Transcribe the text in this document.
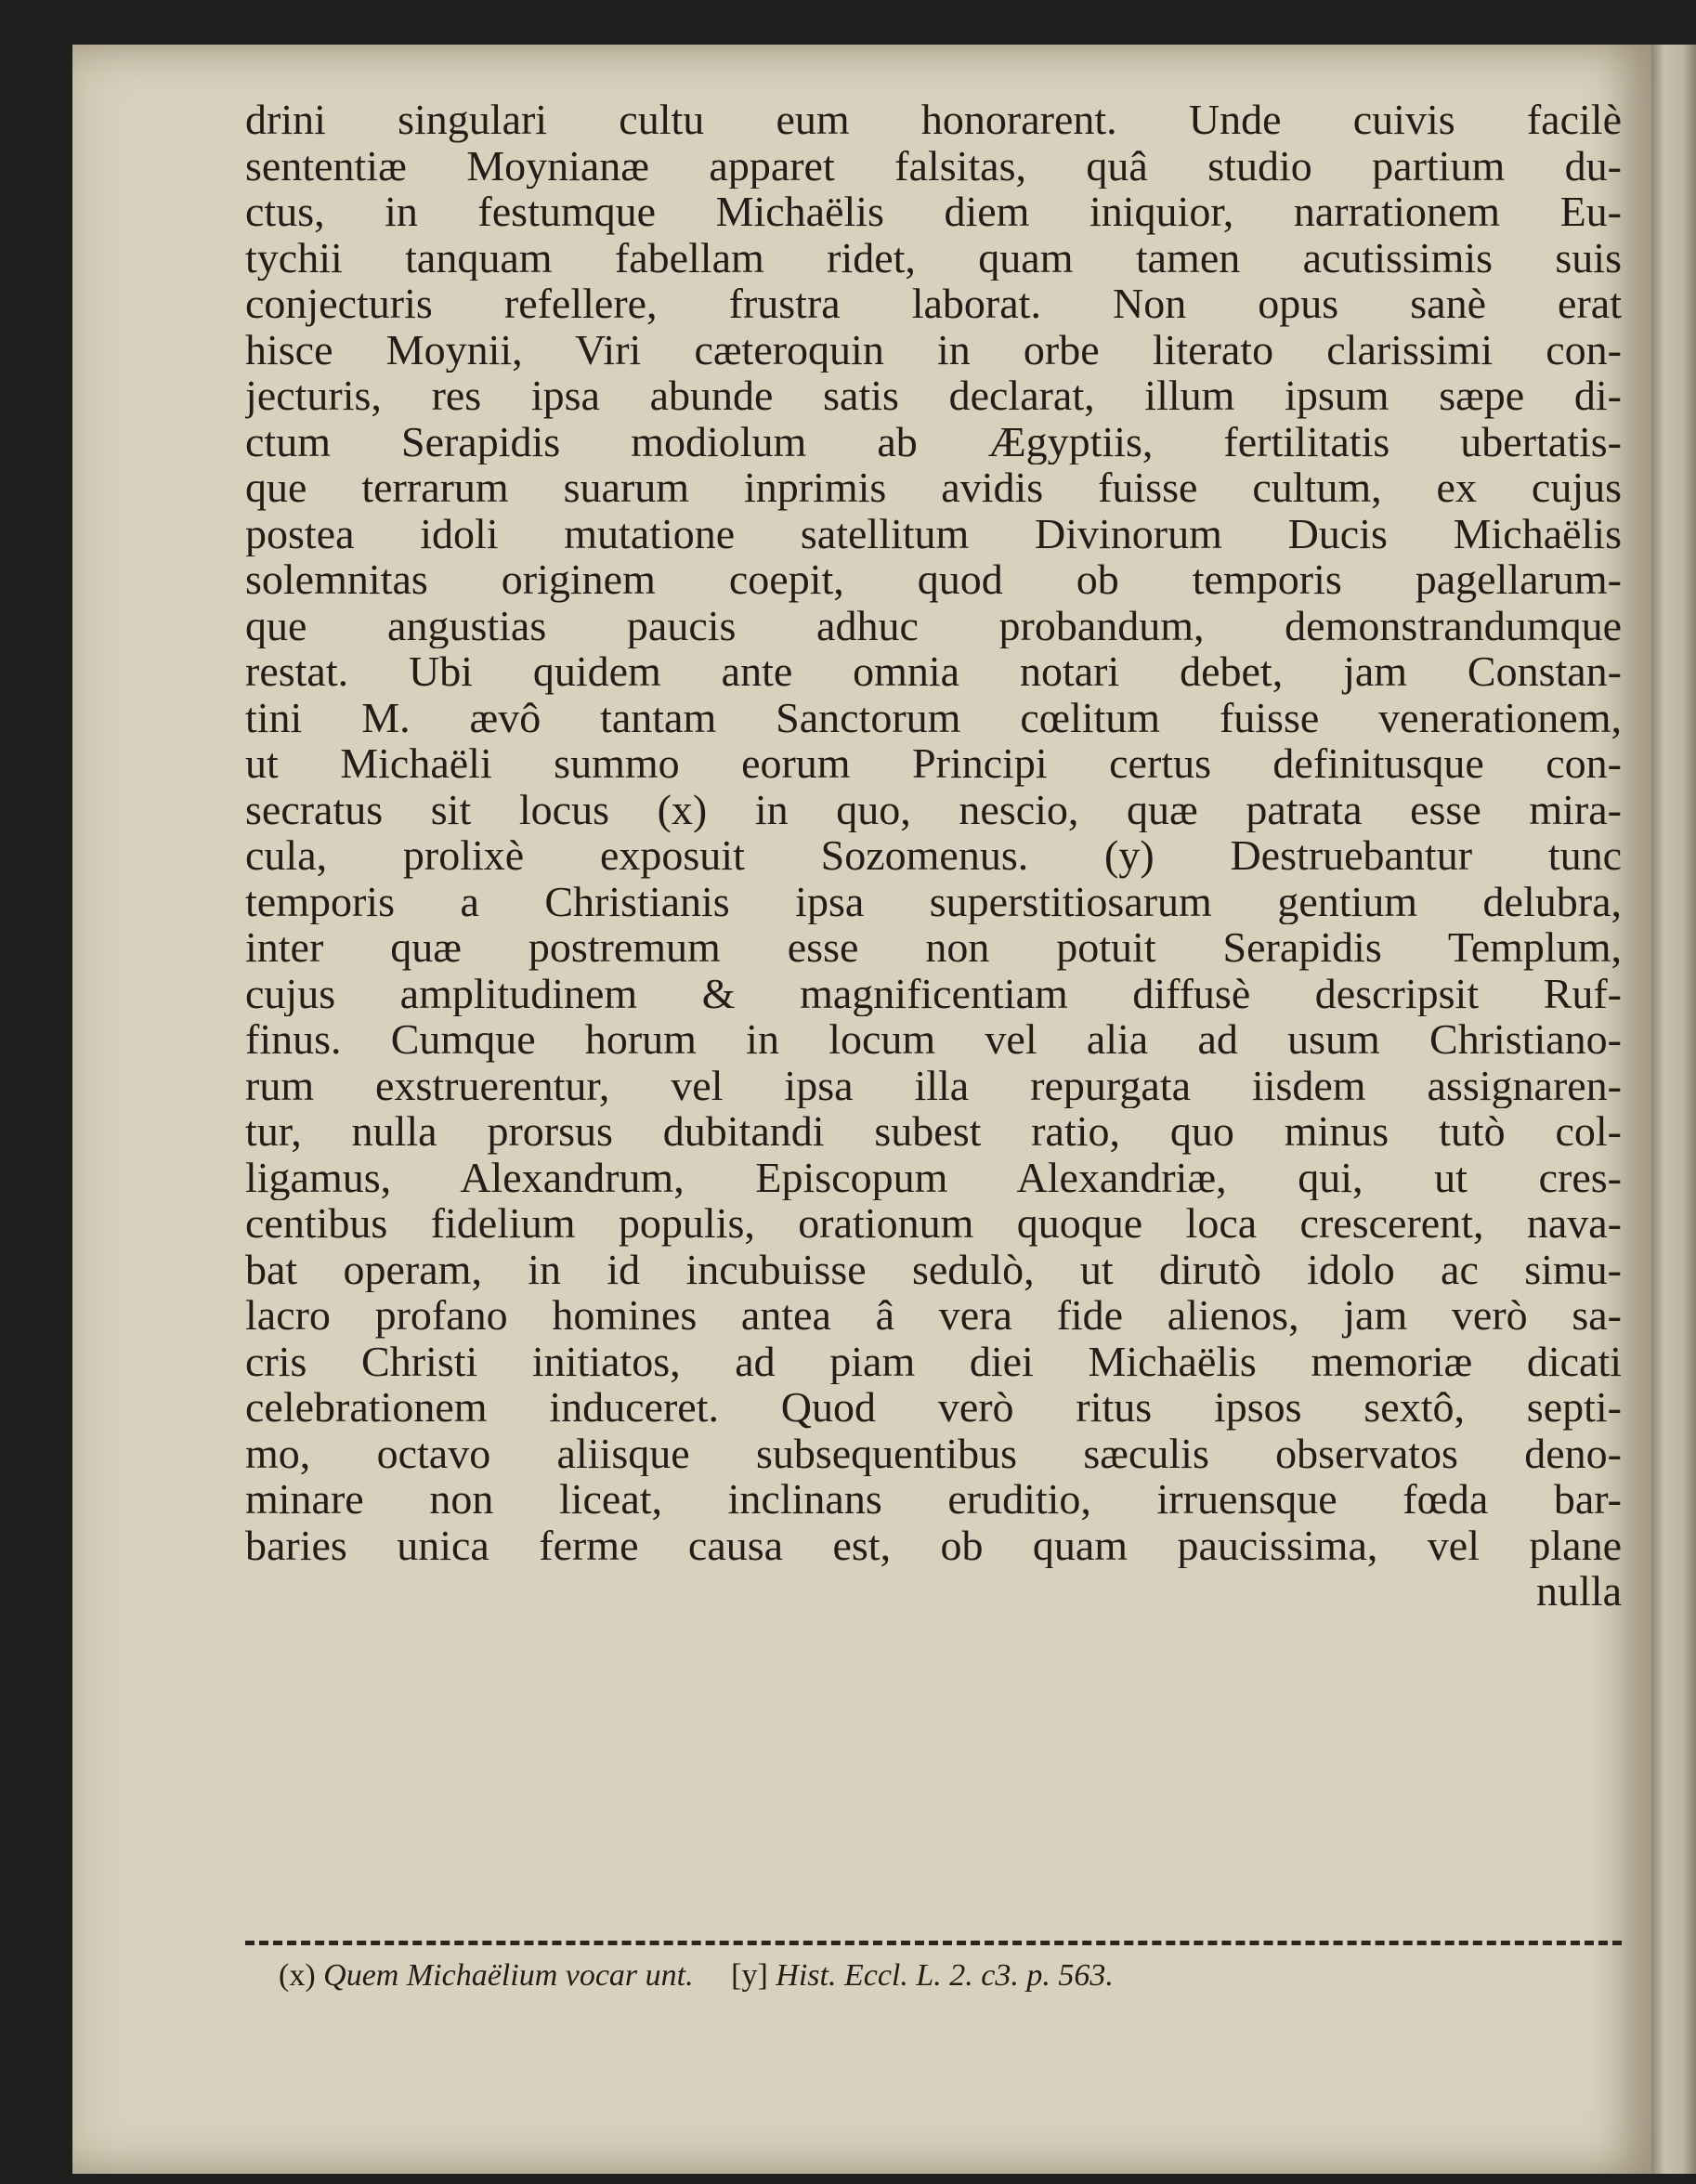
drini singulari cultu eum honorarent. Unde cuivis facilè
sententiæ Moynianæ apparet falsitas, quâ studio partium du-
ctus, in festumque Michaëlis diem iniquior, narrationem Eu-
tychii tanquam fabellam ridet, quam tamen acutissimis suis
conjecturis refellere, frustra laborat. Non opus sanè erat
hisce Moynii, Viri cæteroquin in orbe literato clarissimi con-
jecturis, res ipsa abunde satis declarat, illum ipsum sæpe di-
ctum Serapidis modiolum ab Ægyptiis, fertilitatis ubertatis-
que terrarum suarum inprimis avidis fuisse cultum, ex cujus
postea idoli mutatione satellitum Divinorum Ducis Michaëlis
solemnitas originem coepit, quod ob temporis pagellarum-
que angustias paucis adhuc probandum, demonstrandumque
restat. Ubi quidem ante omnia notari debet, jam Constan-
tini M. ævô tantam Sanctorum cœlitum fuisse venerationem,
ut Michaëli summo eorum Principi certus definitusque con-
secratus sit locus (x) in quo, nescio, quæ patrata esse mira-
cula, prolixè exposuit Sozomenus. (y) Destruebantur tunc
temporis a Christianis ipsa superstitiosarum gentium delubra,
inter quæ postremum esse non potuit Serapidis Templum,
cujus amplitudinem & magnificentiam diffusè descripsit Ruf-
finus. Cumque horum in locum vel alia ad usum Christiano-
rum exstruerentur, vel ipsa illa repurgata iisdem assignaren-
tur, nulla prorsus dubitandi subest ratio, quo minus tutò col-
ligamus, Alexandrum, Episcopum Alexandriæ, qui, ut cres-
centibus fidelium populis, orationum quoque loca crescerent, nava-
bat operam, in id incubuisse sedulò, ut dirutò idolo ac simu-
lacro profano homines antea â vera fide alienos, jam verò sa-
cris Christi initiatos, ad piam diei Michaëlis memoriæ dicati
celebrationem induceret. Quod verò ritus ipsos sextô, septi-
mo, octavo aliisque subsequentibus sæculis observatos deno-
minare non liceat, inclinans eruditio, irruensque fœda bar-
baries unica ferme causa est, ob quam paucissima, vel plane
nulla
(x) Quem Michaëlium vocar unt. [y] Hist. Eccl. L. 2. c3. p. 563.
